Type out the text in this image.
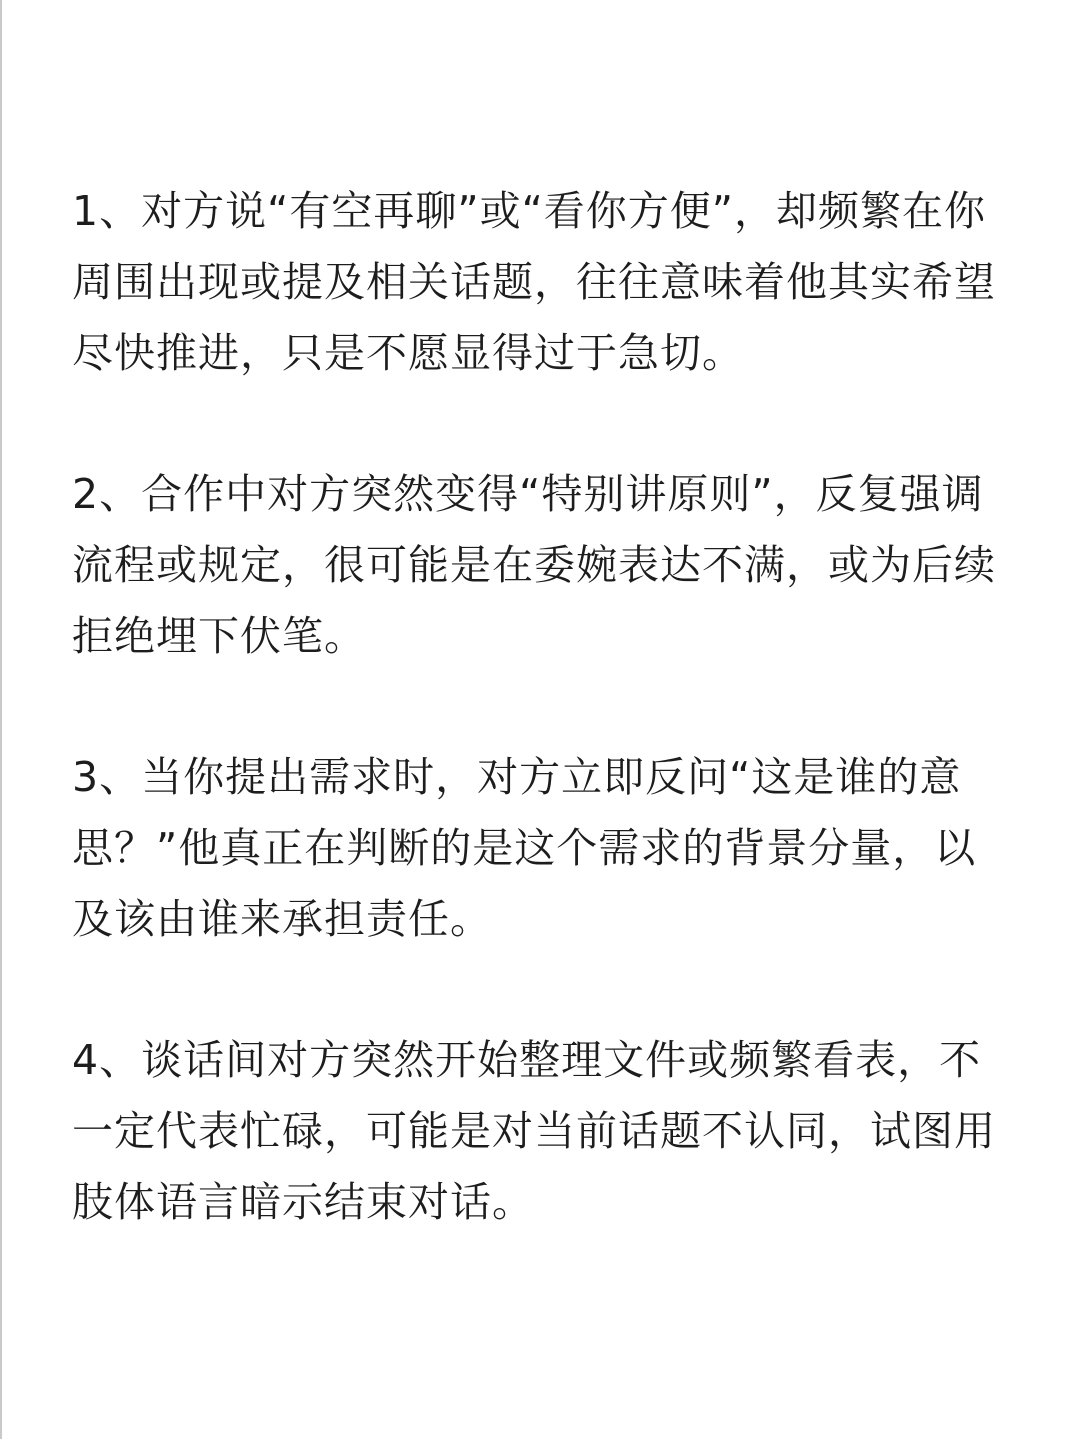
1、对方说“有空再聊”或“看你方便”，却频繁在你周围出现或提及相关话题，往往意味着他其实希望尽快推进，只是不愿显得过于急切。

2、合作中对方突然变得“特别讲原则”，反复强调流程或规定，很可能是在委婉表达不满，或为后续拒绝埋下伏笔。

3、当你提出需求时，对方立即反问“这是谁的意思？”他真正在判断的是这个需求的背景分量，以及该由谁来承担责任。

4、谈话间对方突然开始整理文件或频繁看表，不一定代表忙碌，可能是对当前话题不认同，试图用肢体语言暗示结束对话。
